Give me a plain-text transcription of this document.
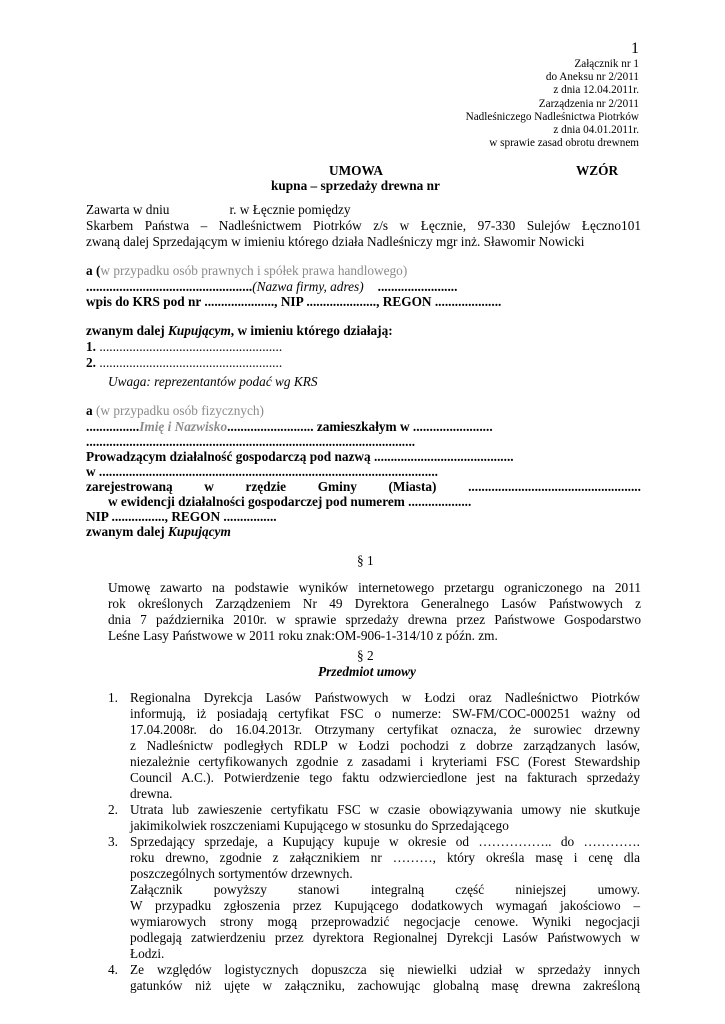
1
Załącznik nr 1
do Aneksu nr 2/2011
z dnia 12.04.2011r.
Zarządzenia nr 2/2011
Nadleśniczego Nadleśnictwa Piotrków
z dnia 04.01.2011r.
w sprawie zasad obrotu drewnem
UMOWA	WZÓR
kupna – sprzedaży drewna nr
Zawarta w dniu	r. w Łęcznie pomiędzy
Skarbem Państwa – Nadleśnictwem Piotrków z/s w Łęcznie, 97-330 Sulejów Łęczno101
zwaną dalej Sprzedającym w imieniu którego działa Nadleśniczy mgr inż. Sławomir Nowicki
a (w przypadku osób prawnych i spółek prawa handlowego)
..................................................(Nazwa firmy, adres) ........................
wpis do KRS pod nr ....................., NIP ....................., REGON ....................
zwanym dalej Kupującym, w imieniu którego działają:
1. .......................................................
2. .......................................................
Uwaga: reprezentantów podać wg KRS
a (w przypadku osób fizycznych)
................Imię i Nazwisko.......................... zamieszkałym w ........................
...................................................................................................
Prowadzącym działalność gospodarczą pod nazwą ..........................................
w ......................................................................................................
zarejestrowaną w rzędzie Gminy (Miasta) ....................................................
w ewidencji działalności gospodarczej pod numerem ...................
NIP ................, REGON ................
zwanym dalej Kupującym
§ 1
Umowę zawarto na podstawie wyników internetowego przetargu ograniczonego na 2011
rok określonych Zarządzeniem Nr 49 Dyrektora Generalnego Lasów Państwowych z
dnia 7 października 2010r. w sprawie sprzedaży drewna przez Państwowe Gospodarstwo
Leśne Lasy Państwowe w 2011 roku znak:OM-906-1-314/10 z późn. zm.
§ 2
Przedmiot umowy
1. Regionalna Dyrekcja Lasów Państwowych w Łodzi oraz Nadleśnictwo Piotrków
informują, iż posiadają certyfikat FSC o numerze: SW-FM/COC-000251 ważny od
17.04.2008r. do 16.04.2013r. Otrzymany certyfikat oznacza, że surowiec drzewny
z Nadleśnictw podległych RDLP w Łodzi pochodzi z dobrze zarządzanych lasów,
niezależnie certyfikowanych zgodnie z zasadami i kryteriami FSC (Forest Stewardship
Council A.C.). Potwierdzenie tego faktu odzwierciedlone jest na fakturach sprzedaży
drewna.
2. Utrata lub zawieszenie certyfikatu FSC w czasie obowiązywania umowy nie skutkuje
jakimikolwiek roszczeniami Kupującego w stosunku do Sprzedającego
3. Sprzedający sprzedaje, a Kupujący kupuje w okresie od …………….. do ………….
roku drewno, zgodnie z załącznikiem nr ………, który określa masę i cenę dla
poszczególnych sortymentów drzewnych.
Załącznik powyższy stanowi integralną część niniejszej umowy.
W przypadku zgłoszenia przez Kupującego dodatkowych wymagań jakościowo –
wymiarowych strony mogą przeprowadzić negocjacje cenowe. Wyniki negocjacji
podlegają zatwierdzeniu przez dyrektora Regionalnej Dyrekcji Lasów Państwowych w
Łodzi.
4. Ze względów logistycznych dopuszcza się niewielki udział w sprzedaży innych
gatunków niż ujęte w załączniku, zachowując globalną masę drewna zakreśloną
